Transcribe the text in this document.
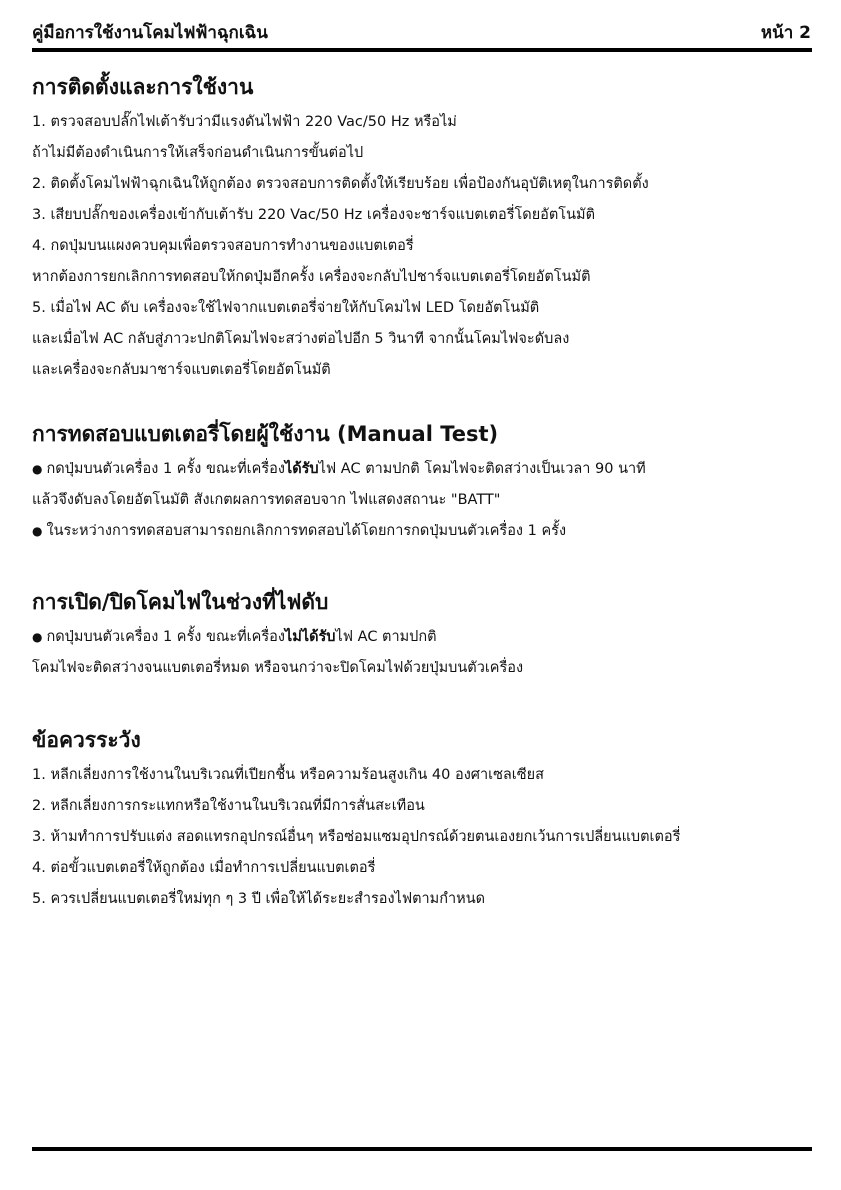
คู่มือการใช้งานโคมไฟฟ้าฉุกเฉิน	หน้า 2
การติดตั้งและการใช้งาน
1. ตรวจสอบปลั๊กไฟเต้ารับว่ามีแรงดันไฟฟ้า 220 Vac/50 Hz หรือไม่
ถ้าไม่มีต้องดำเนินการให้เสร็จก่อนดำเนินการขั้นต่อไป
2. ติดตั้งโคมไฟฟ้าฉุกเฉินให้ถูกต้อง ตรวจสอบการติดตั้งให้เรียบร้อย เพื่อป้องกันอุบัติเหตุในการติดตั้ง
3. เสียบปลั๊กของเครื่องเข้ากับเต้ารับ 220 Vac/50 Hz เครื่องจะชาร์จแบตเตอรี่โดยอัตโนมัติ
4. กดปุ่มบนแผงควบคุมเพื่อตรวจสอบการทำงานของแบตเตอรี่
หากต้องการยกเลิกการทดสอบให้กดปุ่มอีกครั้ง เครื่องจะกลับไปชาร์จแบตเตอรี่โดยอัตโนมัติ
5. เมื่อไฟ AC ดับ เครื่องจะใช้ไฟจากแบตเตอรี่จ่ายให้กับโคมไฟ LED โดยอัตโนมัติ
และเมื่อไฟ AC กลับสู่ภาวะปกติโคมไฟจะสว่างต่อไปอีก 5 วินาที จากนั้นโคมไฟจะดับลง
และเครื่องจะกลับมาชาร์จแบตเตอรี่โดยอัตโนมัติ
การทดสอบแบตเตอรี่โดยผู้ใช้งาน (Manual Test)
● กดปุ่มบนตัวเครื่อง 1 ครั้ง ขณะที่เครื่องได้รับไฟ AC ตามปกติ โคมไฟจะติดสว่างเป็นเวลา 90 นาที
แล้วจึงดับลงโดยอัตโนมัติ สังเกตผลการทดสอบจาก ไฟแสดงสถานะ "BATT"
● ในระหว่างการทดสอบสามารถยกเลิกการทดสอบได้โดยการกดปุ่มบนตัวเครื่อง 1 ครั้ง
การเปิด/ปิดโคมไฟในช่วงที่ไฟดับ
● กดปุ่มบนตัวเครื่อง 1 ครั้ง ขณะที่เครื่องไม่ได้รับไฟ AC ตามปกติ
โคมไฟจะติดสว่างจนแบตเตอรี่หมด หรือจนกว่าจะปิดโคมไฟด้วยปุ่มบนตัวเครื่อง
ข้อควรระวัง
1. หลีกเลี่ยงการใช้งานในบริเวณที่เปียกชื้น หรือความร้อนสูงเกิน 40 องศาเซลเซียส
2. หลีกเลี่ยงการกระแทกหรือใช้งานในบริเวณที่มีการสั่นสะเทือน
3. ห้ามทำการปรับแต่ง สอดแทรกอุปกรณ์อื่นๆ หรือซ่อมแซมอุปกรณ์ด้วยตนเองยกเว้นการเปลี่ยนแบตเตอรี่
4. ต่อขั้วแบตเตอรี่ให้ถูกต้อง เมื่อทำการเปลี่ยนแบตเตอรี่
5. ควรเปลี่ยนแบตเตอรี่ใหม่ทุก ๆ 3 ปี เพื่อให้ได้ระยะสำรองไฟตามกำหนด
